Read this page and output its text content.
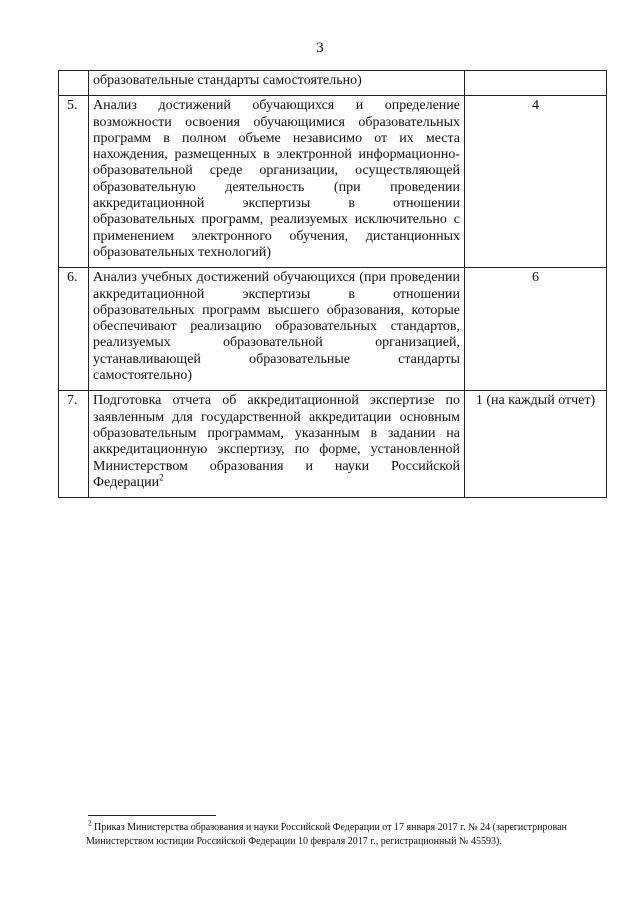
3
	образовательные стандарты самостоятельно)	
5.	Анализ достижений обучающихся и определение возможности освоения обучающимися образовательных программ в полном объеме независимо от их места нахождения, размещенных в электронной информационно-образовательной среде организации, осуществляющей образовательную деятельность (при проведении аккредитационной экспертизы в отношении образовательных программ, реализуемых исключительно с применением электронного обучения, дистанционных образовательных технологий)	4
6.	Анализ учебных достижений обучающихся (при проведении аккредитационной экспертизы в отношении образовательных программ высшего образования, которые обеспечивают реализацию образовательных стандартов, реализуемых образовательной организацией, устанавливающей образовательные стандарты самостоятельно)	6
7.	Подготовка отчета об аккредитационной экспертизе по заявленным для государственной аккредитации основным образовательным программам, указанным в задании на аккредитационную экспертизу, по форме, установленной Министерством образования и науки Российской Федерации$^2$	1 (на каждый отчет)
$^2$ Приказ Министерства образования и науки Российской Федерации от 17 января 2017 г. № 24 (зарегистрирован
Министерством юстиции Российской Федерации 10 февраля 2017 г., регистрационный № 45593).
